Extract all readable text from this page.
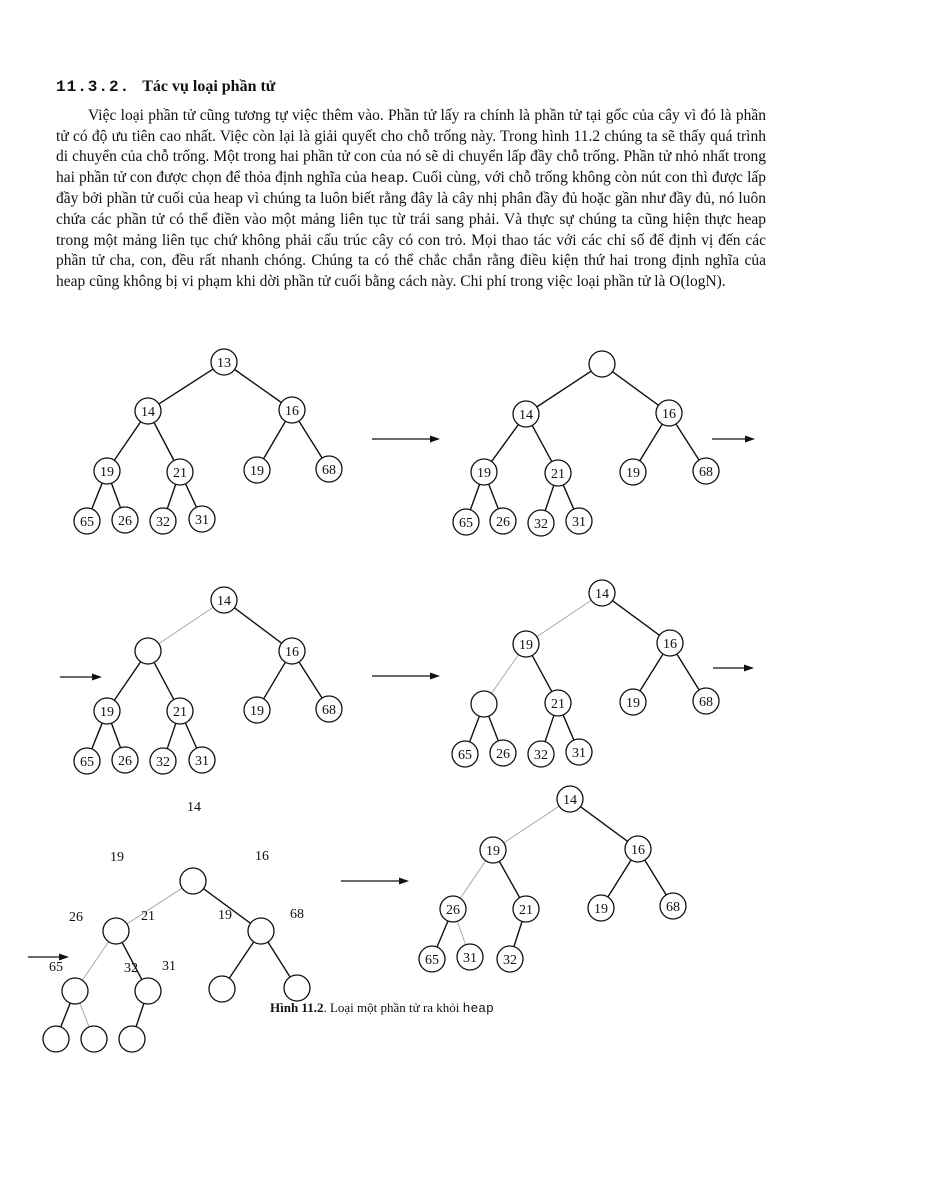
11.3.2. Tác vụ loại phần tử

Việc loại phần tử cũng tương tự việc thêm vào. Phần tử lấy ra chính là phần tử tại gốc của cây vì đó là phần tử có độ ưu tiên cao nhất. Việc còn lại là giải quyết cho chỗ trống này. Trong hình 11.2 chúng ta sẽ thấy quá trình di chuyển của chỗ trống. Một trong hai phần tử con của nó sẽ di chuyển lấp đầy chỗ trống. Phần tử nhỏ nhất trong hai phần tử con được chọn để thỏa định nghĩa của heap. Cuối cùng, với chỗ trống không còn nút con thì được lấp đầy bởi phần tử cuối của heap vì chúng ta luôn biết rằng đây là cây nhị phân đầy đủ hoặc gần như đầy đủ, nó luôn chứa các phần tử có thể điền vào một mảng liên tục từ trái sang phải. Và thực sự chúng ta cũng hiện thực heap trong một mảng liên tục chứ không phải cấu trúc cây có con trỏ. Mọi thao tác với các chỉ số để định vị đến các phần tử cha, con, đều rất nhanh chóng. Chúng ta có thể chắc chắn rằng điều kiện thứ hai trong định nghĩa của heap cũng không bị vi phạm khi dời phần tử cuối bằng cách này. Chi phí trong việc loại phần tử là O(logN).

13
14	16
19	21	19	68
65 26 32 31
14	16
19	21	19	68
65 26 32 31
14
16
19	21	19	68
65 26 32 31
14
19	16
21	19	68
65 26 32 31
14
19	16
26	21	19	68
65 31 32
14
19	16
26	21	19	68
65	32 31
Hình 11.2. Loại một phần tử ra khỏi heap
